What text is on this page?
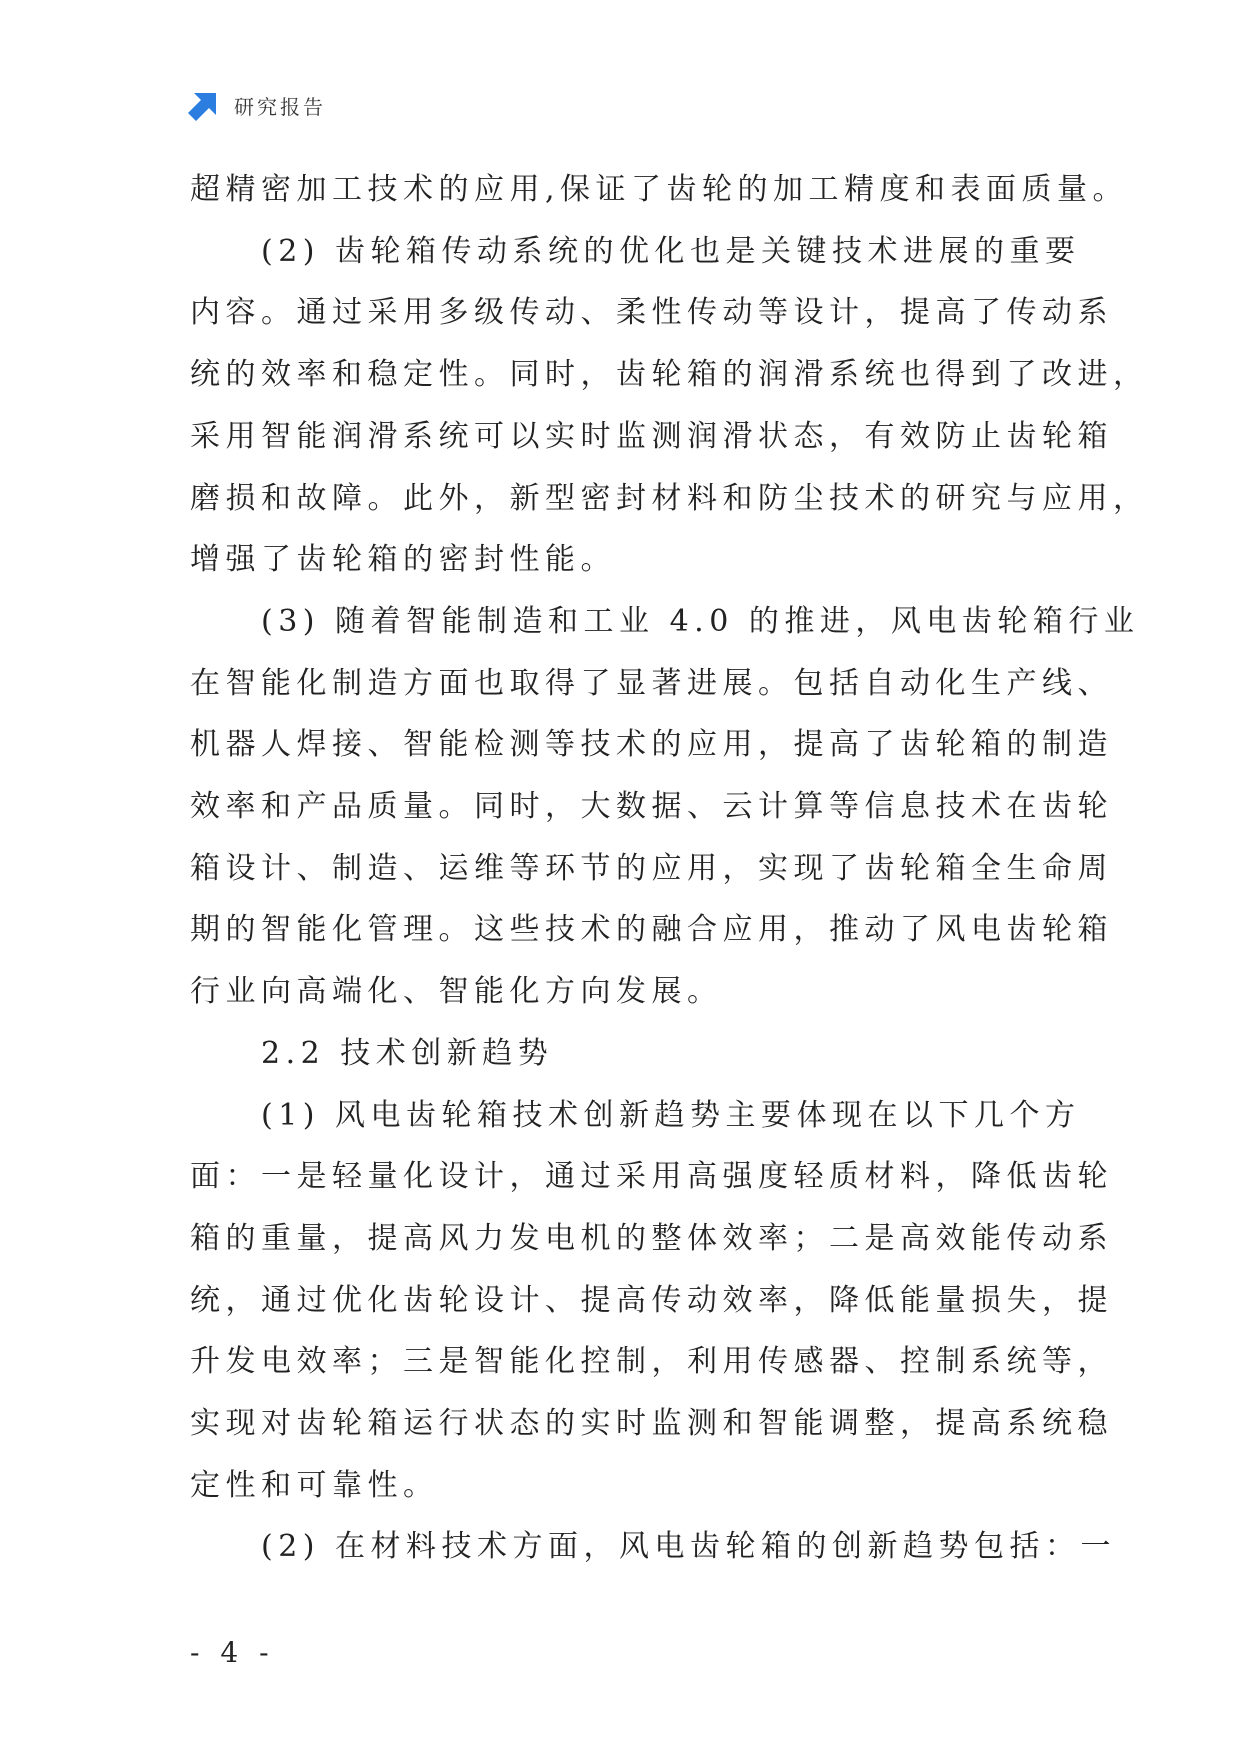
研究报告

超精密加工技术的应用,保证了齿轮的加工精度和表面质量。

　　(2) 齿轮箱传动系统的优化也是关键技术进展的重要

内容。通过采用多级传动、柔性传动等设计，提高了传动系

统的效率和稳定性。同时，齿轮箱的润滑系统也得到了改进，

采用智能润滑系统可以实时监测润滑状态，有效防止齿轮箱

磨损和故障。此外，新型密封材料和防尘技术的研究与应用，

增强了齿轮箱的密封性能。

　　(3) 随着智能制造和工业 4.0 的推进，风电齿轮箱行业

在智能化制造方面也取得了显著进展。包括自动化生产线、

机器人焊接、智能检测等技术的应用，提高了齿轮箱的制造

效率和产品质量。同时，大数据、云计算等信息技术在齿轮

箱设计、制造、运维等环节的应用，实现了齿轮箱全生命周

期的智能化管理。这些技术的融合应用，推动了风电齿轮箱

行业向高端化、智能化方向发展。

　　2.2 技术创新趋势

　　(1) 风电齿轮箱技术创新趋势主要体现在以下几个方

面：一是轻量化设计，通过采用高强度轻质材料，降低齿轮

箱的重量，提高风力发电机的整体效率；二是高效能传动系

统，通过优化齿轮设计、提高传动效率，降低能量损失，提

升发电效率；三是智能化控制，利用传感器、控制系统等，

实现对齿轮箱运行状态的实时监测和智能调整，提高系统稳

定性和可靠性。

　　(2) 在材料技术方面，风电齿轮箱的创新趋势包括：一

- 4 -
